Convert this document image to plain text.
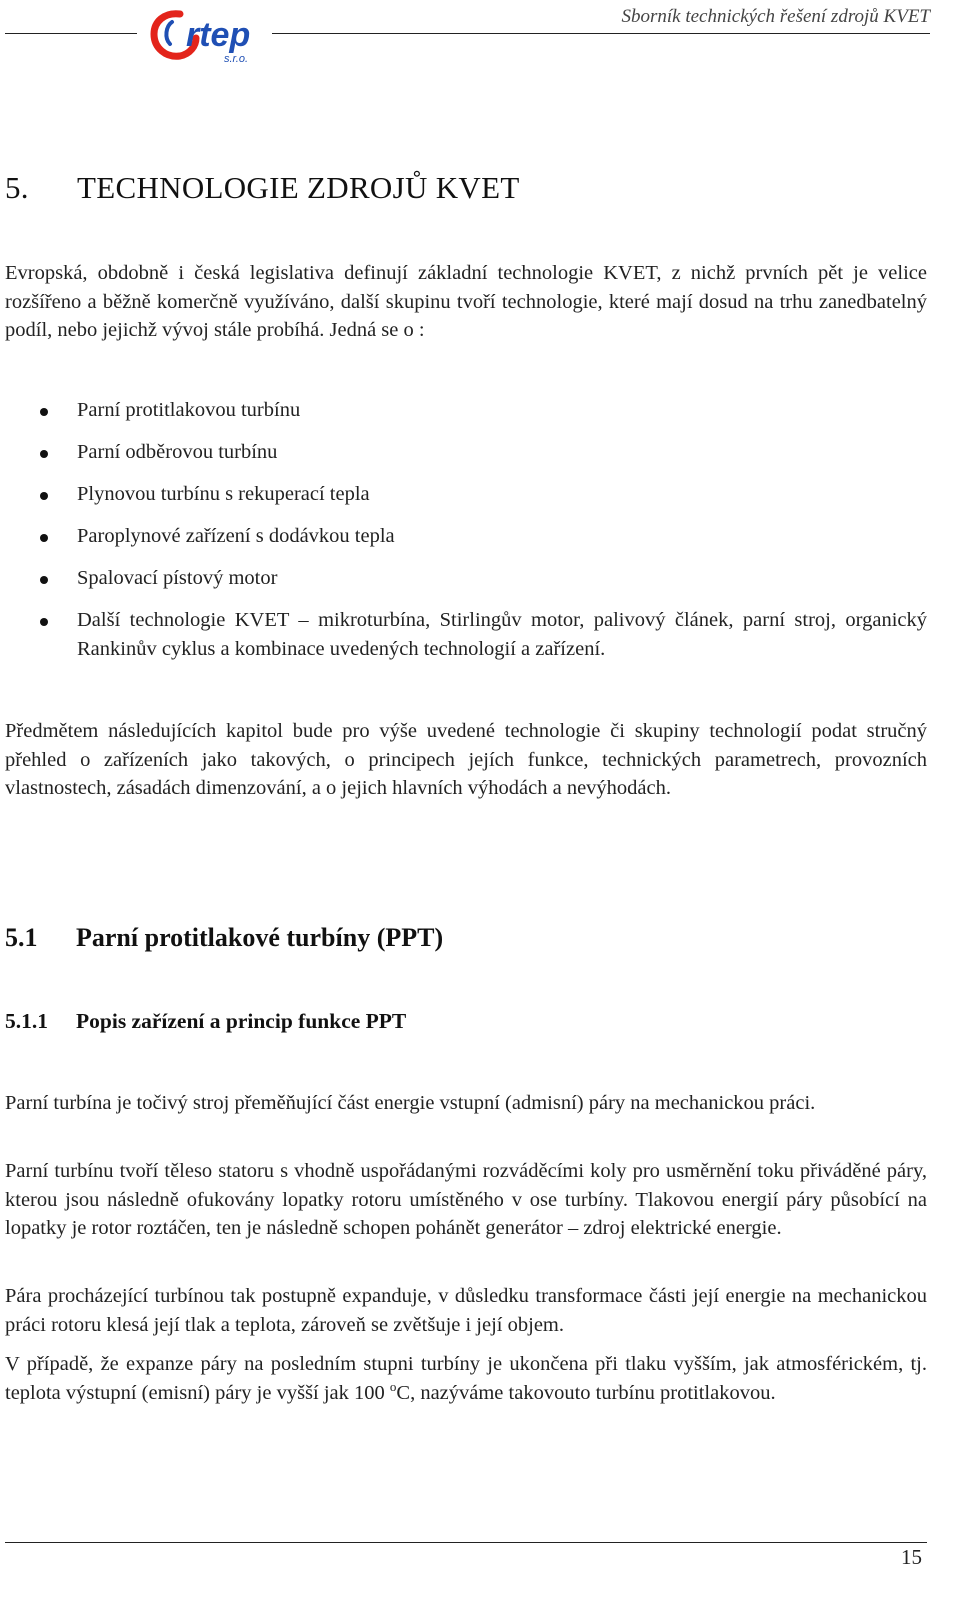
rtep
s.r.o.
Sborník technických řešení zdrojů KVET
5. TECHNOLOGIE ZDROJŮ KVET
Evropská, obdobně i česká legislativa definují základní technologie KVET, z nichž prvních pět je velice rozšířeno a běžně komerčně využíváno, další skupinu tvoří technologie, které mají dosud na trhu zanedbatelný podíl, nebo jejichž vývoj stále probíhá. Jedná se o :
Parní protitlakovou turbínu
Parní odběrovou turbínu
Plynovou turbínu s rekuperací tepla
Paroplynové zařízení s dodávkou tepla
Spalovací pístový motor
Další technologie KVET – mikroturbína, Stirlingův motor, palivový článek, parní stroj, organický Rankinův cyklus a kombinace uvedených technologií a zařízení.
Předmětem následujících kapitol bude pro výše uvedené technologie či skupiny technologií podat stručný přehled o zařízeních jako takových, o principech jejích funkce, technických parametrech, provozních vlastnostech, zásadách dimenzování, a o jejich hlavních výhodách a nevýhodách.
5.1 Parní protitlakové turbíny (PPT)
5.1.1 Popis zařízení a princip funkce PPT
Parní turbína je točivý stroj přeměňující část energie vstupní (admisní) páry na mechanickou práci.
Parní turbínu tvoří těleso statoru s vhodně uspořádanými rozváděcími koly pro usměrnění toku přiváděné páry, kterou jsou následně ofukovány lopatky rotoru umístěného v ose turbíny. Tlakovou energií páry působící na lopatky je rotor roztáčen, ten je následně schopen pohánět generátor – zdroj elektrické energie.
Pára procházející turbínou tak postupně expanduje, v důsledku transformace části její energie na mechanickou práci rotoru klesá její tlak a teplota, zároveň se zvětšuje i její objem.
V případě, že expanze páry na posledním stupni turbíny je ukončena při tlaku vyšším, jak atmosférickém, tj. teplota výstupní (emisní) páry je vyšší jak 100 $^o$C, nazýváme takovouto turbínu protitlakovou.
15
